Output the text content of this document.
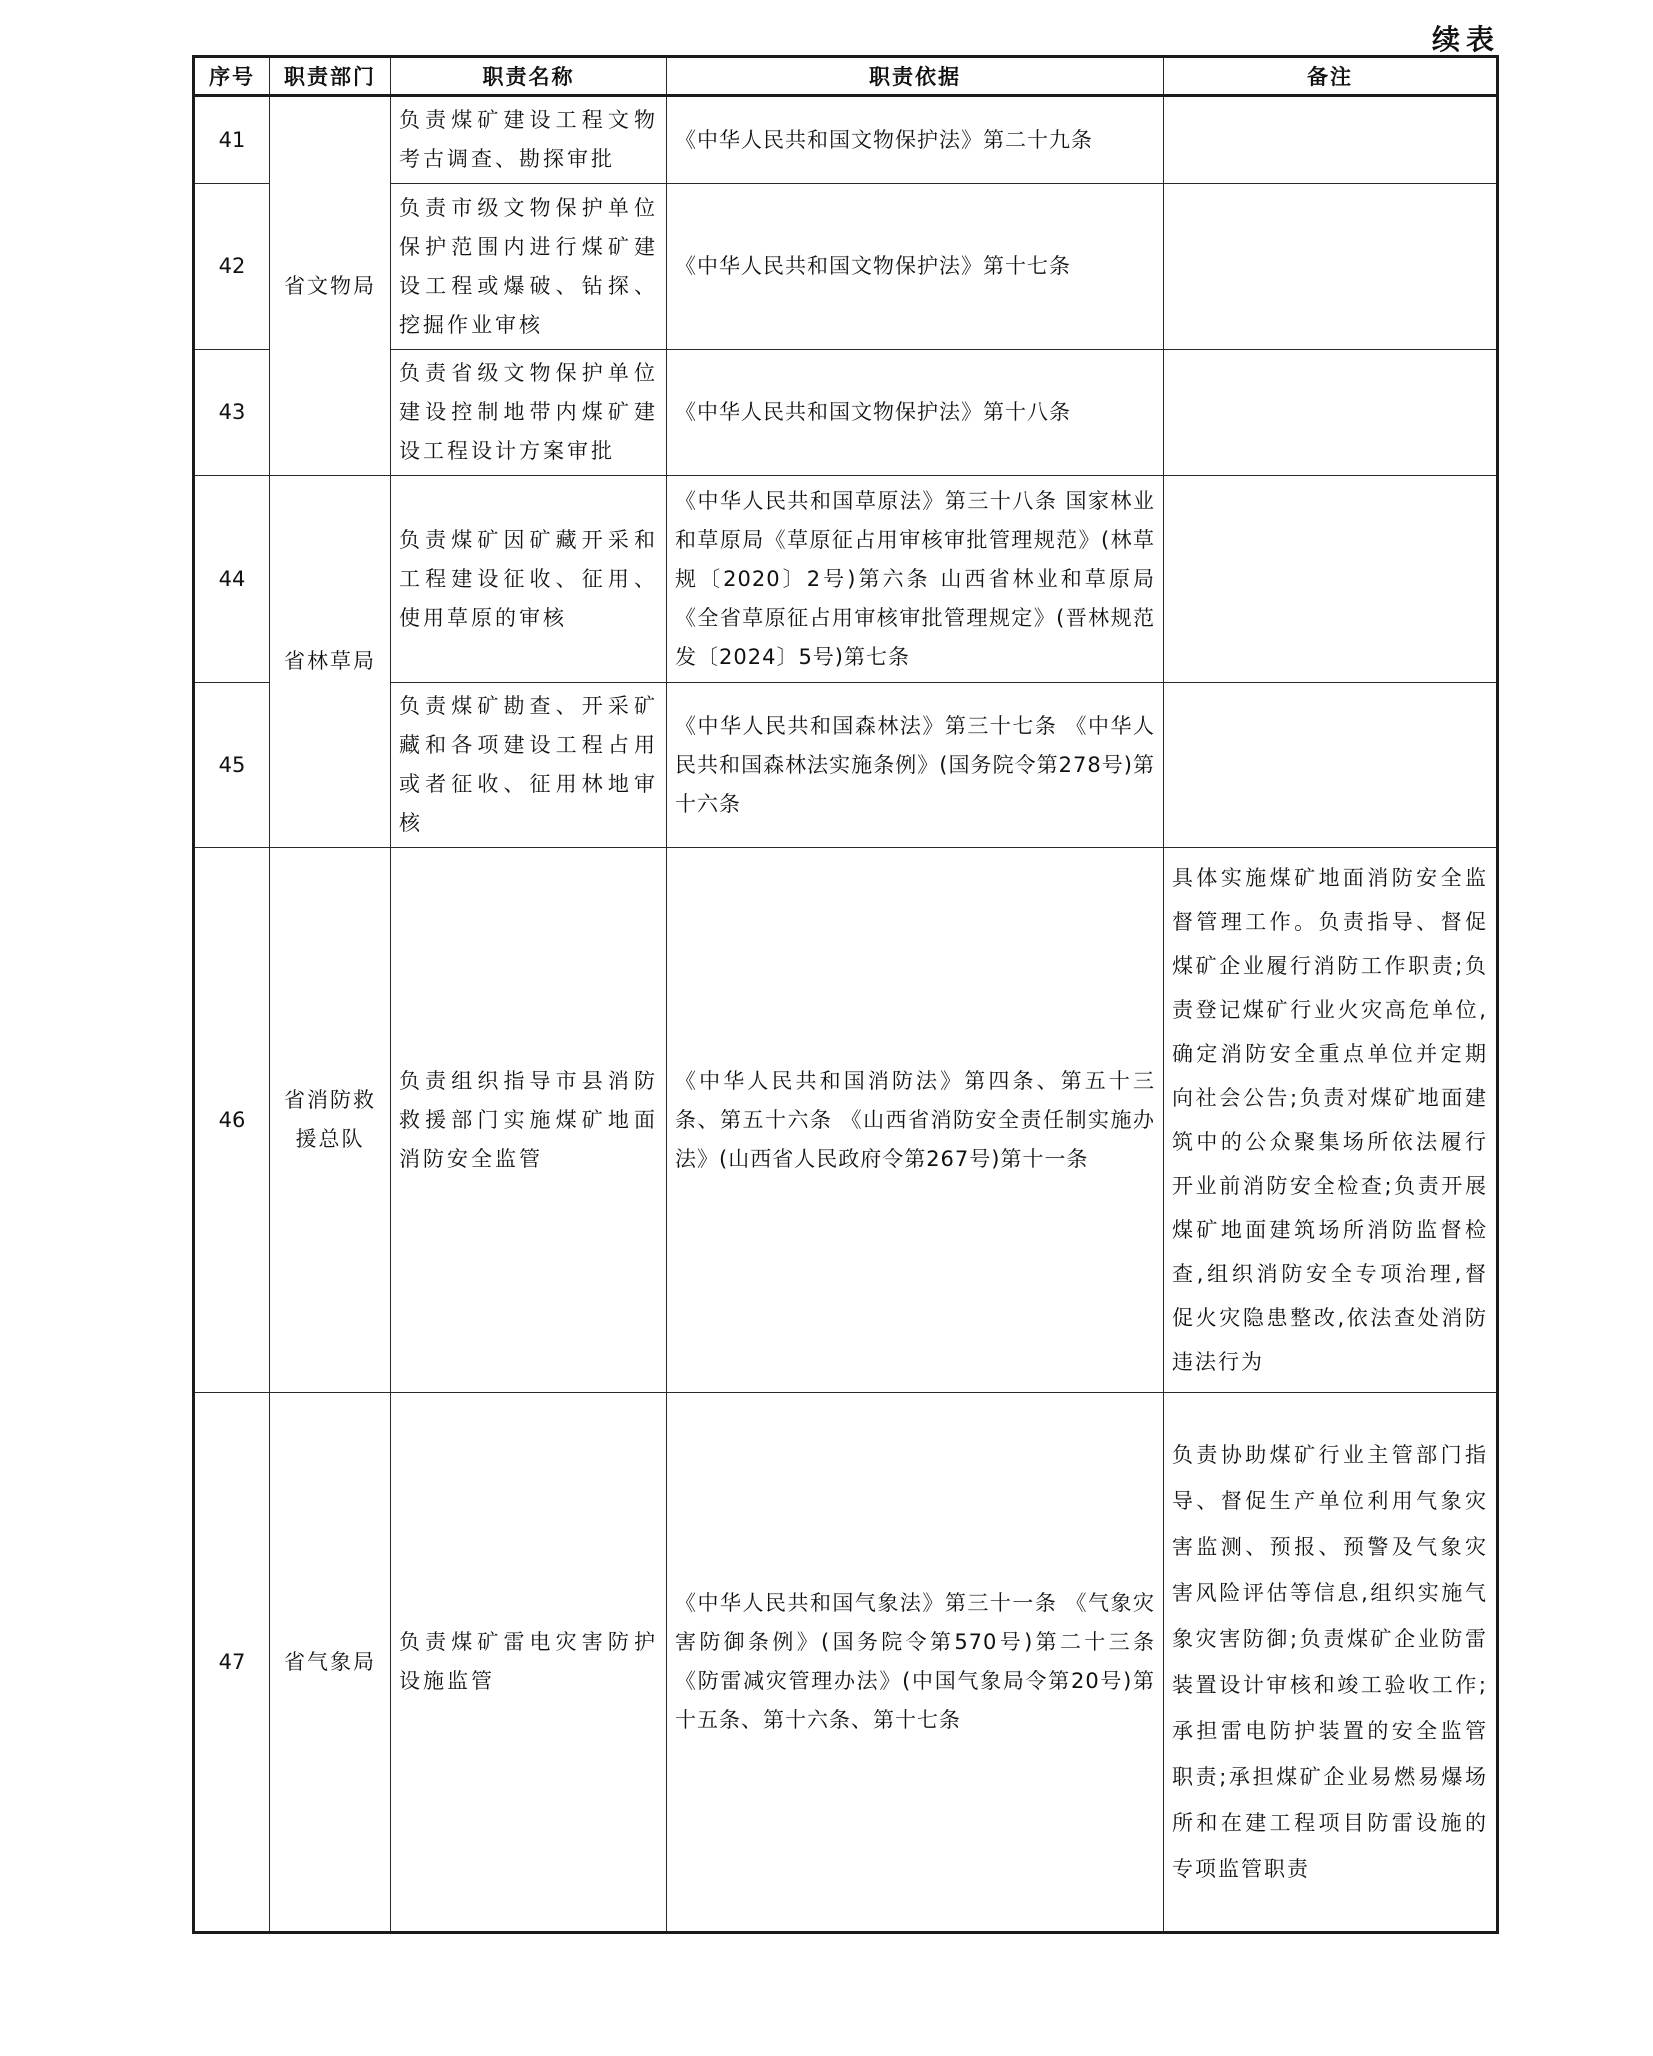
续表
序号	职责部门	职责名称	职责依据	备注
41	省文物局	负责煤矿建设工程文物考古调查、勘探审批	《中华人民共和国文物保护法》第二十九条	
42		负责市级文物保护单位保护范围内进行煤矿建设工程或爆破、钻探、挖掘作业审核	《中华人民共和国文物保护法》第十七条	
43		负责省级文物保护单位建设控制地带内煤矿建设工程设计方案审批	《中华人民共和国文物保护法》第十八条	
44	省林草局	负责煤矿因矿藏开采和工程建设征收、征用、使用草原的审核	《中华人民共和国草原法》第三十八条 国家林业和草原局《草原征占用审核审批管理规范》(林草规〔2020〕2号)第六条 山西省林业和草原局《全省草原征占用审核审批管理规定》(晋林规范发〔2024〕5号)第七条	
45		负责煤矿勘查、开采矿藏和各项建设工程占用或者征收、征用林地审核	《中华人民共和国森林法》第三十七条 《中华人民共和国森林法实施条例》(国务院令第278号)第十六条	
46	省消防救援总队	负责组织指导市县消防救援部门实施煤矿地面消防安全监管	《中华人民共和国消防法》第四条、第五十三条、第五十六条 《山西省消防安全责任制实施办法》(山西省人民政府令第267号)第十一条	具体实施煤矿地面消防安全监督管理工作。负责指导、督促煤矿企业履行消防工作职责;负责登记煤矿行业火灾高危单位,确定消防安全重点单位并定期向社会公告;负责对煤矿地面建筑中的公众聚集场所依法履行开业前消防安全检查;负责开展煤矿地面建筑场所消防监督检查,组织消防安全专项治理,督促火灾隐患整改,依法查处消防违法行为
47	省气象局	负责煤矿雷电灾害防护设施监管	《中华人民共和国气象法》第三十一条 《气象灾害防御条例》(国务院令第570号)第二十三条 《防雷减灾管理办法》(中国气象局令第20号)第十五条、第十六条、第十七条	负责协助煤矿行业主管部门指导、督促生产单位利用气象灾害监测、预报、预警及气象灾害风险评估等信息,组织实施气象灾害防御;负责煤矿企业防雷装置设计审核和竣工验收工作;承担雷电防护装置的安全监管职责;承担煤矿企业易燃易爆场所和在建工程项目防雷设施的专项监管职责
